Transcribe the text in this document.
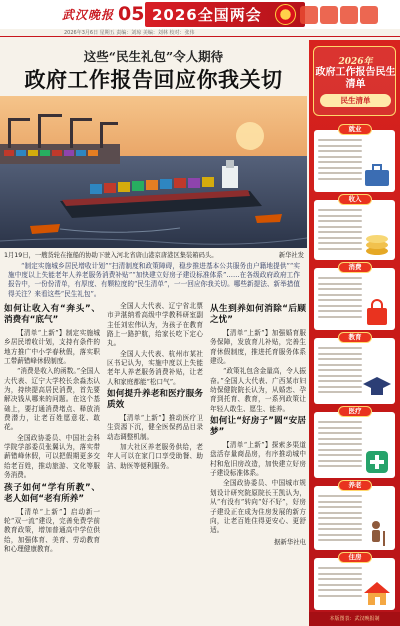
武汉晚报 05 2026全国两会
2026年3月6日 星期五 责编：刘琼 美编：刘林 校对：张伟
这些“民生礼包”令人期待
政府工作报告回应你我关切
1月19日，一艘货轮在拖船的协助下驶入河北省唐山港京唐港区集装箱码头。	新华社发
“制定实施城乡居民增收计划”“扫清制度和政策障碍，稳步推进基本公共服务由户籍地提供”“实施中度以上失能老年人养老服务消费补贴”“加快建立好房子建设标准体系”……在各级政府政府工作报告中，一份份清单，有厚度、有颗粒度的“民生清单”，一一回应你我关切。哪些新提法、新举措值得关注？来看这些“民生礼包”。
如何让收入有“奔头”、消费有“底气”

【清单“上新”】制定实施城乡居民增收计划，支持有条件的地方推广中小学春秋假，落实职工带薪错峰休假制度。

“消费是收入的函数。”全国人大代表、辽宁大学校长余淼杰认为，持续提高居民消费，首先要解决钱从哪来的问题。在这个基础上，要打通消费堵点、释放消费潜力，让老百姓愿意花、敢花。

全国政协委员、中国社会科学院学部委员张翼认为，落实带薪错峰休假，可以把假期更多交给老百姓，推动旅游、文化等服务消费。

孩子如何“学有所教”、老人如何“老有所养”

【清单“上新”】启动新一轮“双一流”建设，完善免费学前教育政策，增加普通高中学位供给，加强体育、美育、劳动教育和心理健康教育。

全国人大代表、辽宁省北票市尹湛纳希高级中学教科研室副主任刘宏伟认为，为孩子在教育路上一路护航，给家长吃下定心丸。

全国人大代表、杭州市某社区书记认为，实施中度以上失能老年人养老服务消费补贴，让老人和家庭都能“松口气”。

如何提升养老和医疗服务质效

【清单“上新”】推动医疗卫生资源下沉，健全医保药品目录动态调整机制。

加大社区养老服务供给，老年人可以在家门口享受助餐、助洁、助医等便利服务。

从生到养如何消除“后顾之忧”

【清单“上新”】加强婚育服务保障，发放育儿补贴，完善生育休假制度，推进托育服务体系建设。

“政策礼包含金量高，令人振奋。”全国人大代表、广西某市妇幼保健院院长认为，从婚恋、孕育到托育、教育，一系列政策让年轻人敢生、愿生、能养。

如何让“好房子”圆“安居梦”

【清单“上新”】探索多渠道盘活存量商品房，有序推动城中村和危旧房改造，加快建立好房子建设标准体系。

全国政协委员、中国城市规划设计研究院原院长王凯认为，从“有没有”转向“好不好”，好房子建设正在成为住房发展的新方向，让老百姓住得更安心、更舒适。

据新华社电
2026年
政府工作报告民生清单
民生清单
就业
收入
消费
教育
医疗
养老
住房
本版图表：武汉晚报制
